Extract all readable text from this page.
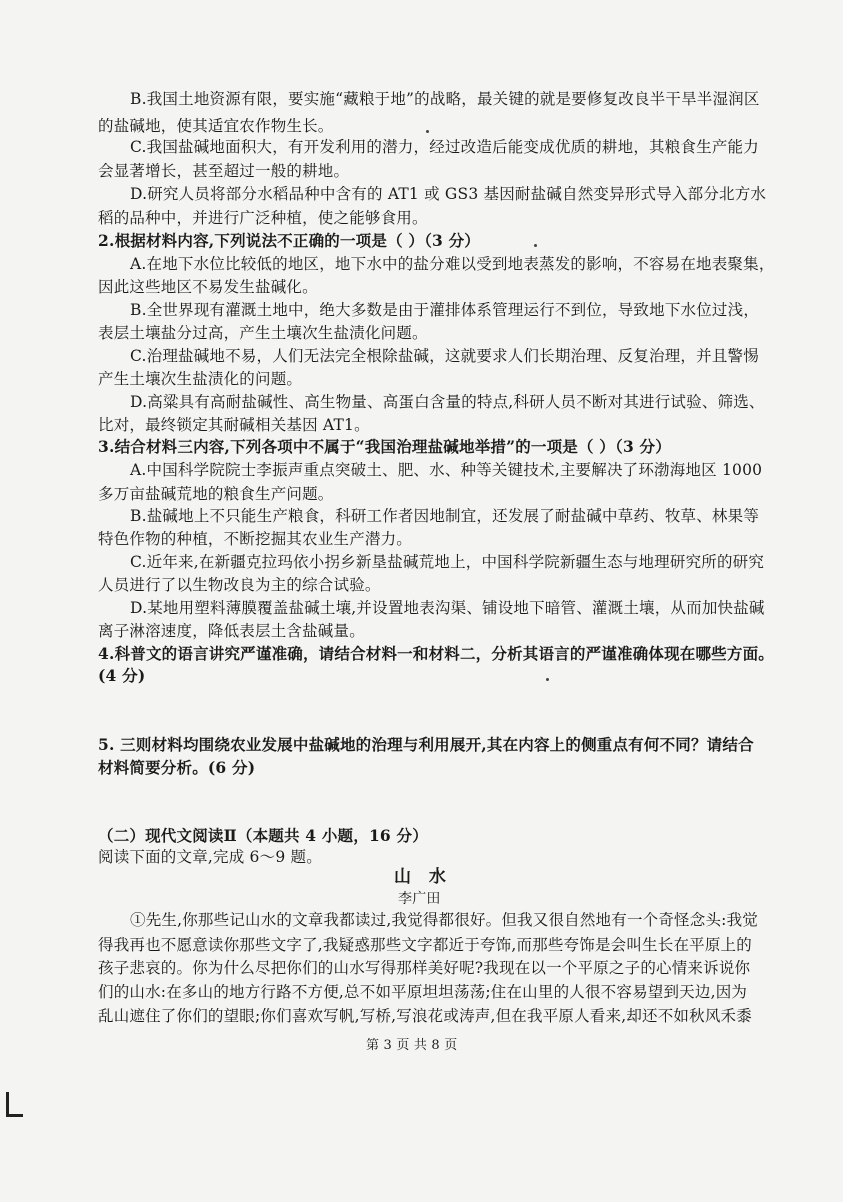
B.我国土地资源有限，要实施“藏粮于地”的战略，最关键的就是要修复改良半干旱半湿润区
的盐碱地，使其适宜农作物生长。
C.我国盐碱地面积大，有开发利用的潜力，经过改造后能变成优质的耕地，其粮食生产能力
会显著增长，甚至超过一般的耕地。
D.研究人员将部分水稻品种中含有的 AT1 或 GS3 基因耐盐碱自然变异形式导入部分北方水
稻的品种中，并进行广泛种植，使之能够食用。
2.根据材料内容,下列说法不正确的一项是（ ）（3 分）
A.在地下水位比较低的地区，地下水中的盐分难以受到地表蒸发的影响，不容易在地表聚集，
因此这些地区不易发生盐碱化。
B.全世界现有灌溉土地中，绝大多数是由于灌排体系管理运行不到位，导致地下水位过浅，
表层土壤盐分过高，产生土壤次生盐渍化问题。
C.治理盐碱地不易，人们无法完全根除盐碱，这就要求人们长期治理、反复治理，并且警惕
产生土壤次生盐渍化的问题。
D.高粱具有高耐盐碱性、高生物量、高蛋白含量的特点,科研人员不断对其进行试验、筛选、
比对，最终锁定其耐碱相关基因 AT1。
3.结合材料三内容,下列各项中不属于“我国治理盐碱地举措”的一项是（ ）（3 分）
A.中国科学院院士李振声重点突破土、肥、水、种等关键技术,主要解决了环渤海地区 1000
多万亩盐碱荒地的粮食生产问题。
B.盐碱地上不只能生产粮食，科研工作者因地制宜，还发展了耐盐碱中草药、牧草、林果等
特色作物的种植，不断挖掘其农业生产潜力。
C.近年来,在新疆克拉玛依小拐乡新垦盐碱荒地上，中国科学院新疆生态与地理研究所的研究
人员进行了以生物改良为主的综合试验。
D.某地用塑料薄膜覆盖盐碱土壤,并设置地表沟渠、铺设地下暗管、灌溉土壤，从而加快盐碱
离子淋溶速度，降低表层土含盐碱量。
4.科普文的语言讲究严谨准确，请结合材料一和材料二，分析其语言的严谨准确体现在哪些方面。
(4 分)
5. 三则材料均围绕农业发展中盐碱地的治理与利用展开,其在内容上的侧重点有何不同？请结合
材料简要分析。(6 分)
（二）现代文阅读Ⅱ（本题共 4 小题，16 分）
阅读下面的文章,完成 6～9 题。
山 水
李广田
①先生,你那些记山水的文章我都读过,我觉得都很好。但我又很自然地有一个奇怪念头:我觉
得我再也不愿意读你那些文字了,我疑惑那些文字都近于夸饰,而那些夸饰是会叫生长在平原上的
孩子悲哀的。你为什么尽把你们的山水写得那样美好呢?我现在以一个平原之子的心情来诉说你
们的山水:在多山的地方行路不方便,总不如平原坦坦荡荡;住在山里的人很不容易望到天边,因为
乱山遮住了你们的望眼;你们喜欢写帆,写桥,写浪花或涛声,但在我平原人看来,却还不如秋风禾黍
第 3 页 共 8 页
